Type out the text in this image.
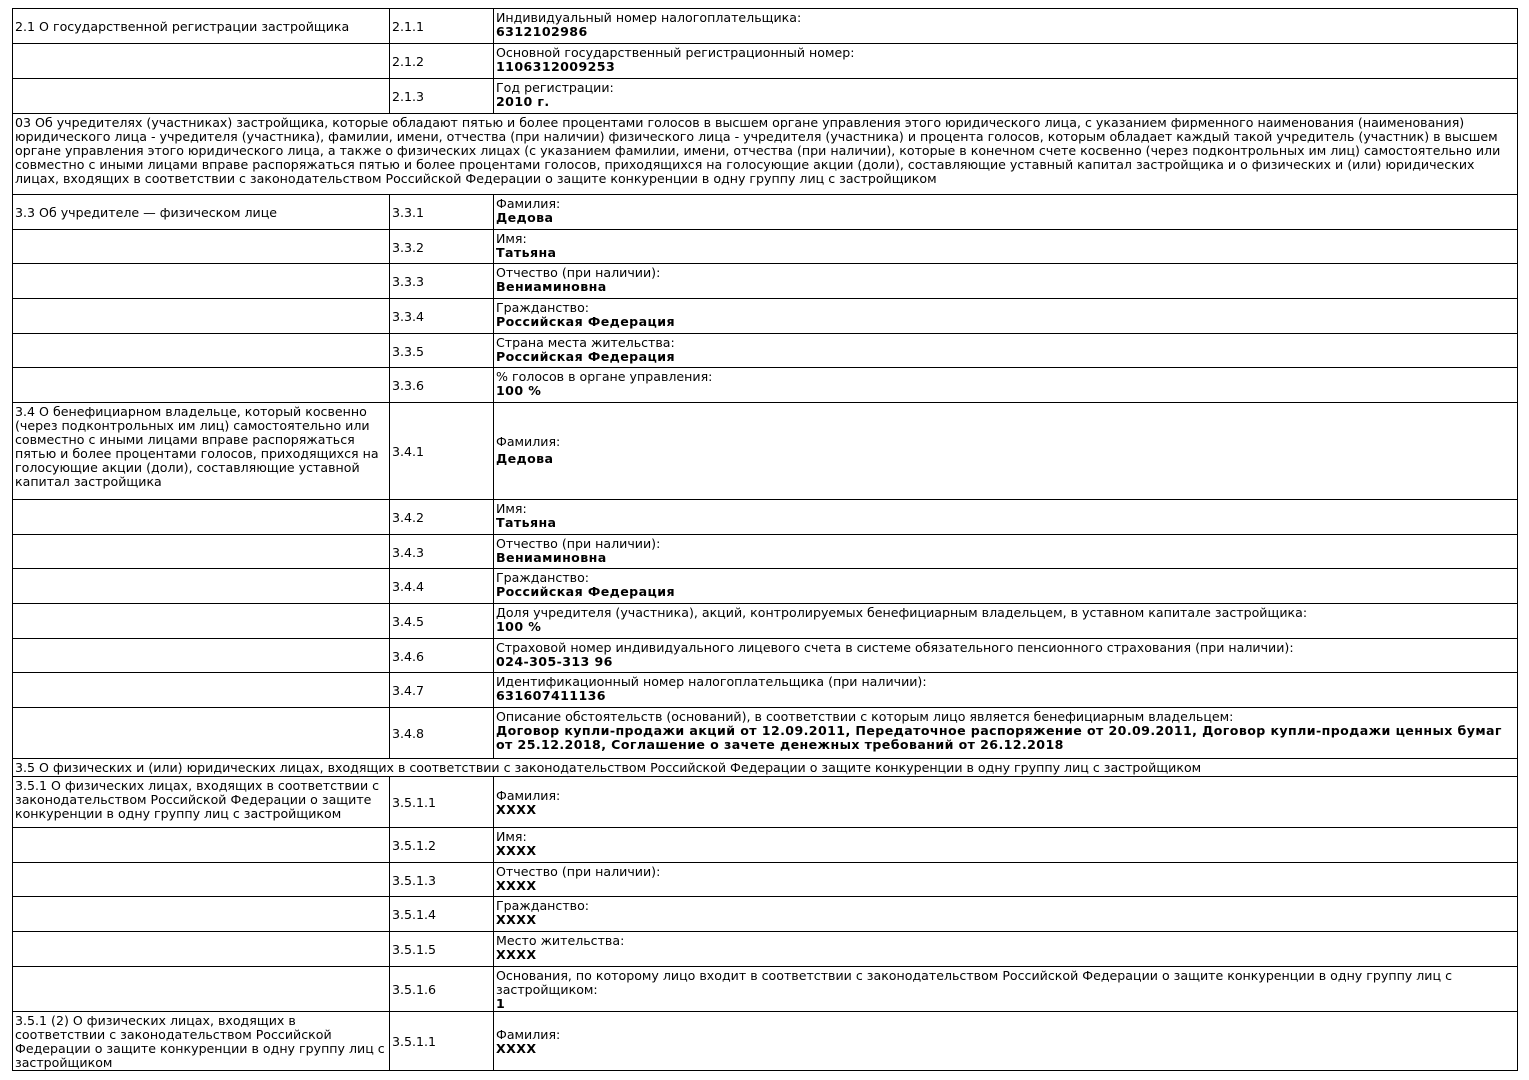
2.1 О государственной регистрации застройщика	2.1.1	Индивидуальный номер налогоплательщика:
6312102986

	2.1.2	Основной государственный регистрационный номер:
1106312009253

	2.1.3	Год регистрации:
2010 г.

03 Об учредителях (участниках) застройщика, которые обладают пятью и более процентами голосов в высшем органе управления этого юридического лица, с указанием фирменного наименования (наименования) юридического лица - учредителя (участника), фамилии, имени, отчества (при наличии) физического лица - учредителя (участника) и процента голосов, которым обладает каждый такой учредитель (участник) в высшем органе управления этого юридического лица, а также о физических лицах (с указанием фамилии, имени, отчества (при наличии), которые в конечном счете косвенно (через подконтрольных им лиц) самостоятельно или совместно с иными лицами вправе распоряжаться пятью и более процентами голосов, приходящихся на голосующие акции (доли), составляющие уставный капитал застройщика и о физических и (или) юридических лицах, входящих в соответствии с законодательством Российской Федерации о защите конкуренции в одну группу лиц с застройщиком		
3.3 Об учредителе — физическом лице	3.3.1	Фамилия:
Дедова

	3.3.2	Имя:
Татьяна

	3.3.3	Отчество (при наличии):
Вениаминовна

	3.3.4	Гражданство:
Российская Федерация

	3.3.5	Страна места жительства:
Российская Федерация

	3.3.6	% голосов в органе управления:
100 %

3.4 О бенефициарном владельце, который косвенно (через подконтрольных им лиц) самостоятельно или совместно с иными лицами вправе распоряжаться пятью и более процентами голосов, приходящихся на голосующие акции (доли), составляющие уставной капитал застройщика	3.4.1	Фамилия:
Дедова

	3.4.2	Имя:
Татьяна

	3.4.3	Отчество (при наличии):
Вениаминовна

	3.4.4	Гражданство:
Российская Федерация

	3.4.5	Доля учредителя (участника), акций, контролируемых бенефициарным владельцем, в уставном капитале застройщика:
100 %

	3.4.6	Страховой номер индивидуального лицевого счета в системе обязательного пенсионного страхования (при наличии):
024-305-313 96

	3.4.7	Идентификационный номер налогоплательщика (при наличии):
631607411136

	3.4.8	Описание обстоятельств (оснований), в соответствии с которым лицо является бенефициарным владельцем:
Договор купли-продажи акций от 12.09.2011, Передаточное распоряжение от 20.09.2011, Договор купли-продажи ценных бумаг от 25.12.2018, Соглашение о зачете денежных требований от 26.12.2018

3.5 О физических и (или) юридических лицах, входящих в соответствии с законодательством Российской Федерации о защите конкуренции в одну группу лиц с застройщиком		
3.5.1 О физических лицах, входящих в соответствии с законодательством Российской Федерации о защите конкуренции в одну группу лиц с застройщиком	3.5.1.1	Фамилия:
XXXX

	3.5.1.2	Имя:
XXXX

	3.5.1.3	Отчество (при наличии):
XXXX

	3.5.1.4	Гражданство:
XXXX

	3.5.1.5	Место жительства:
XXXX

	3.5.1.6	Основания, по которому лицо входит в соответствии с законодательством Российской Федерации о защите конкуренции в одну группу лиц с застройщиком:
1

3.5.1 (2) О физических лицах, входящих в соответствии с законодательством Российской Федерации о защите конкуренции в одну группу лиц с застройщиком	3.5.1.1	Фамилия:
XXXX
